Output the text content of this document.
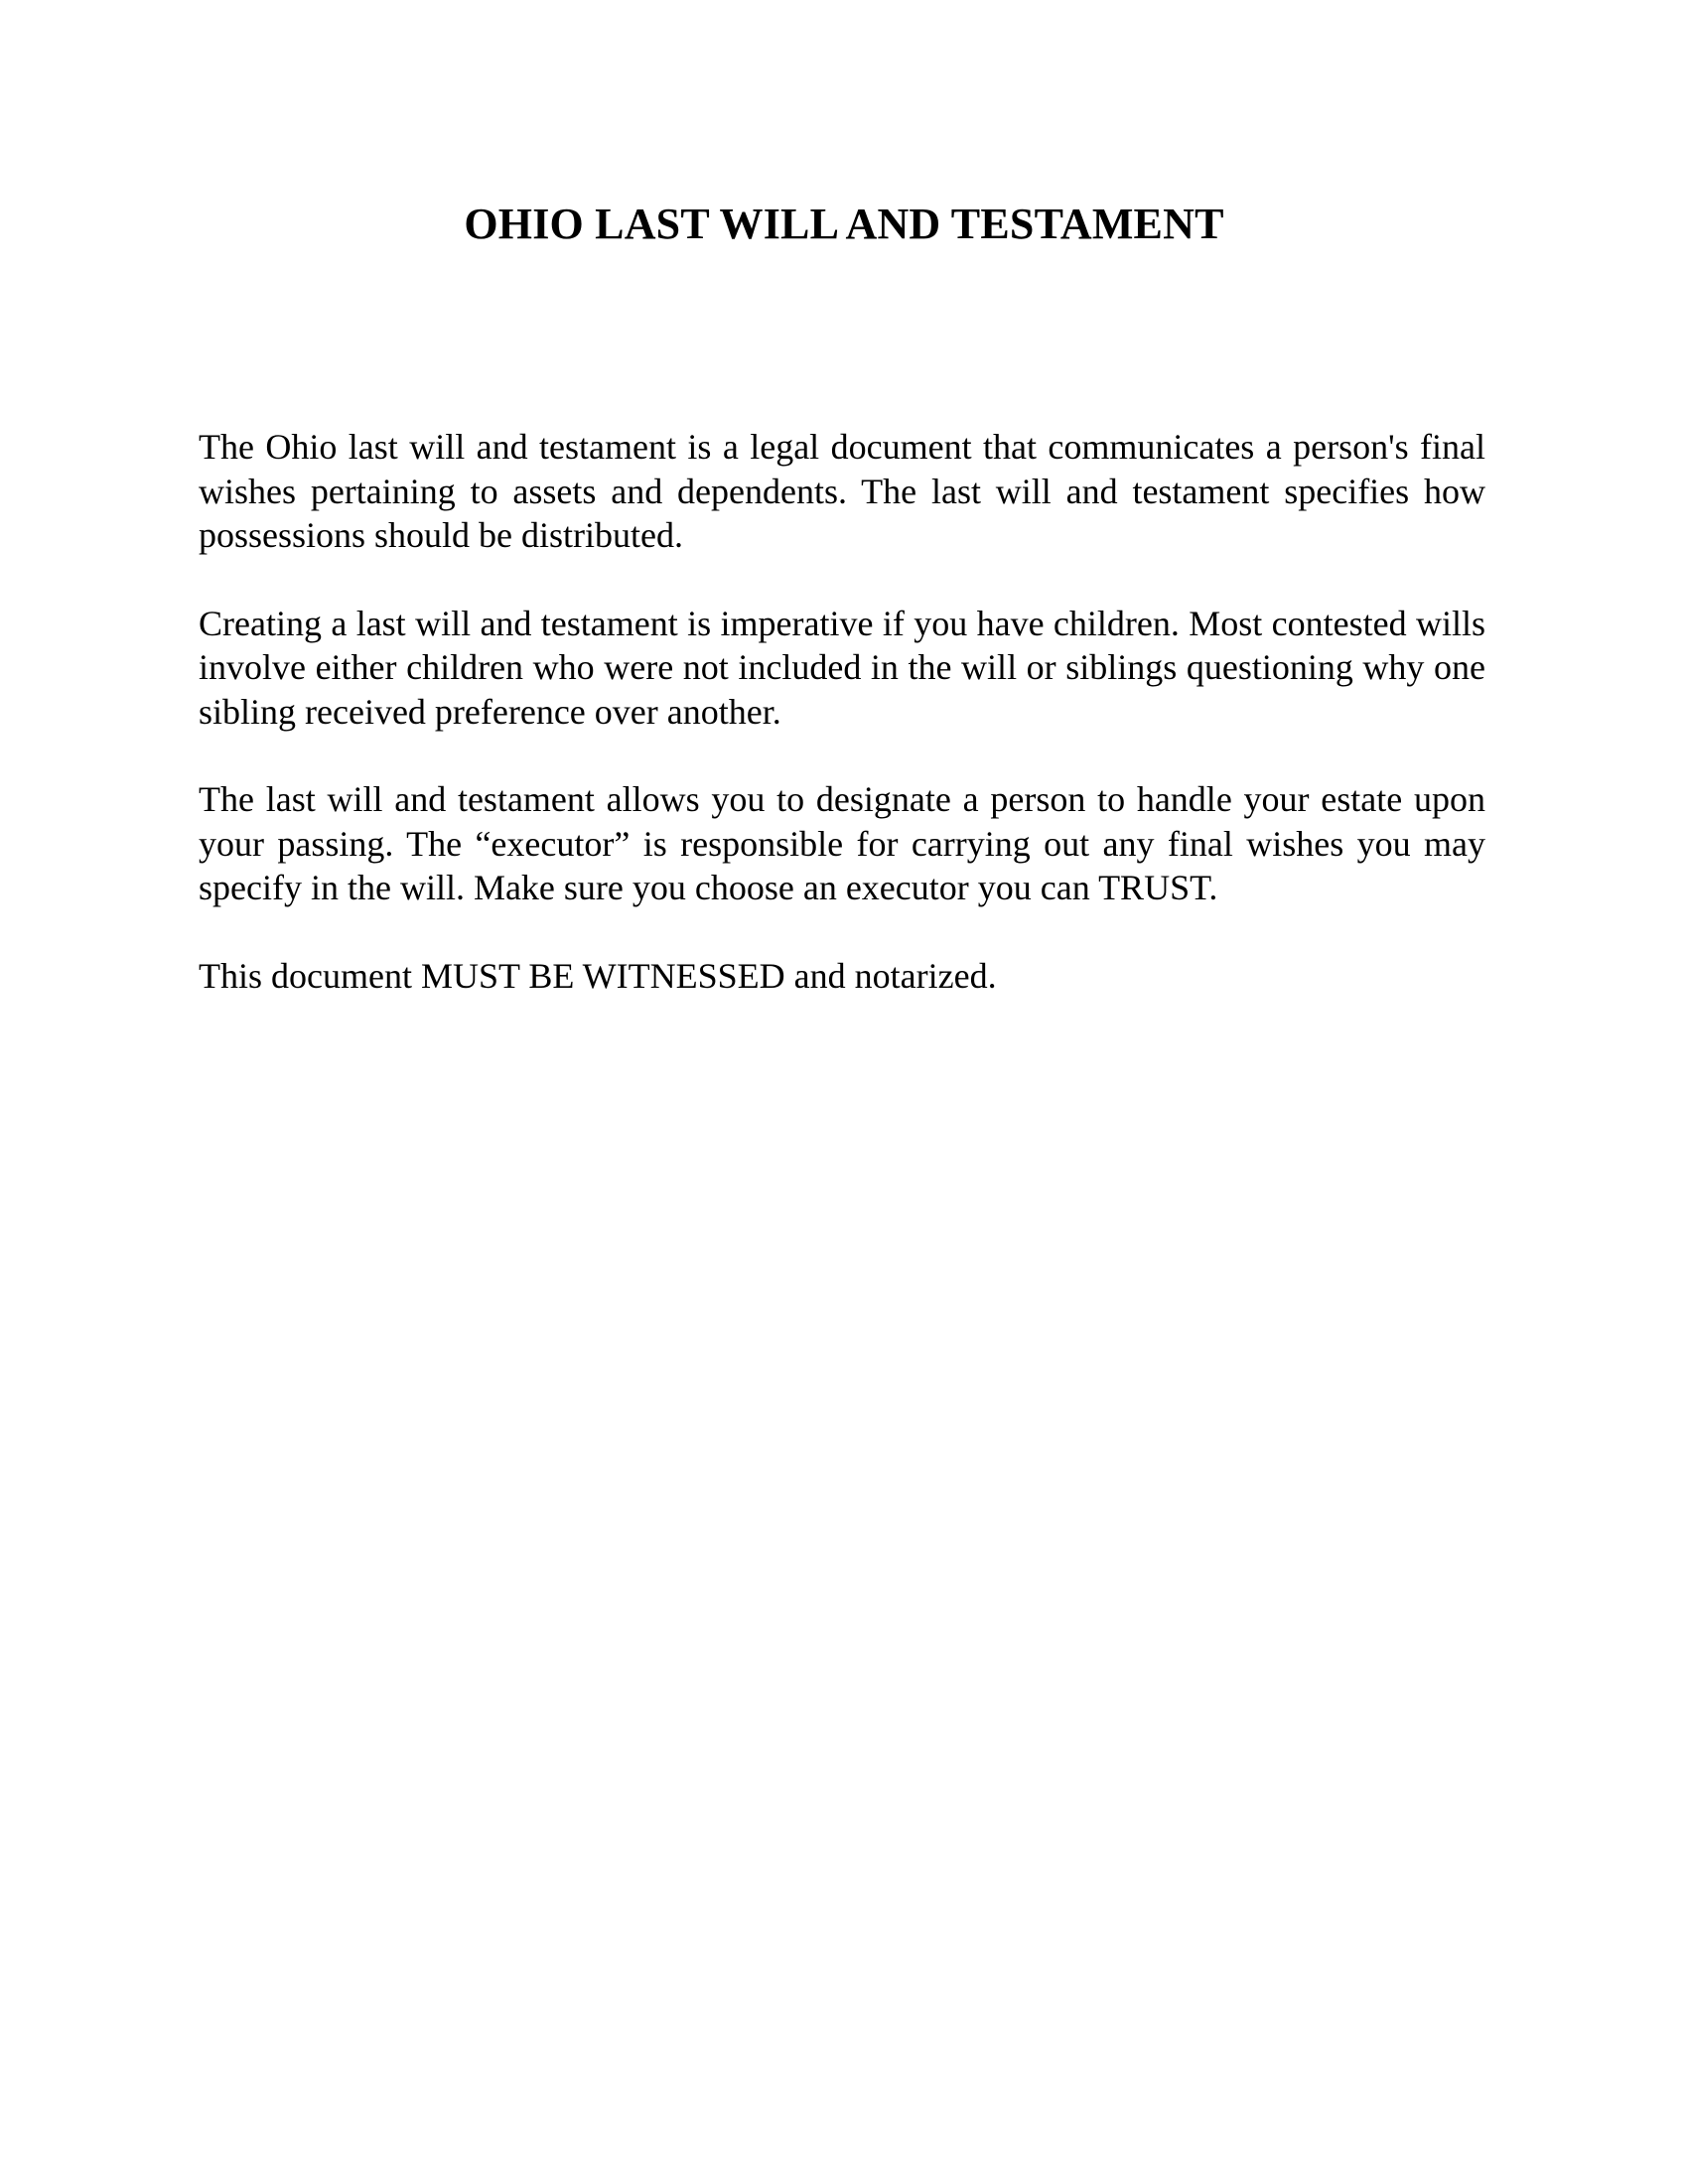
OHIO LAST WILL AND TESTAMENT

The Ohio last will and testament is a legal document that communicates a person's final wishes pertaining to assets and dependents. The last will and testament specifies how possessions should be distributed.

Creating a last will and testament is imperative if you have children. Most contested wills involve either children who were not included in the will or siblings questioning why one sibling received preference over another.

The last will and testament allows you to designate a person to handle your estate upon your passing. The “executor” is responsible for carrying out any final wishes you may specify in the will. Make sure you choose an executor you can TRUST.

This document MUST BE WITNESSED and notarized.
